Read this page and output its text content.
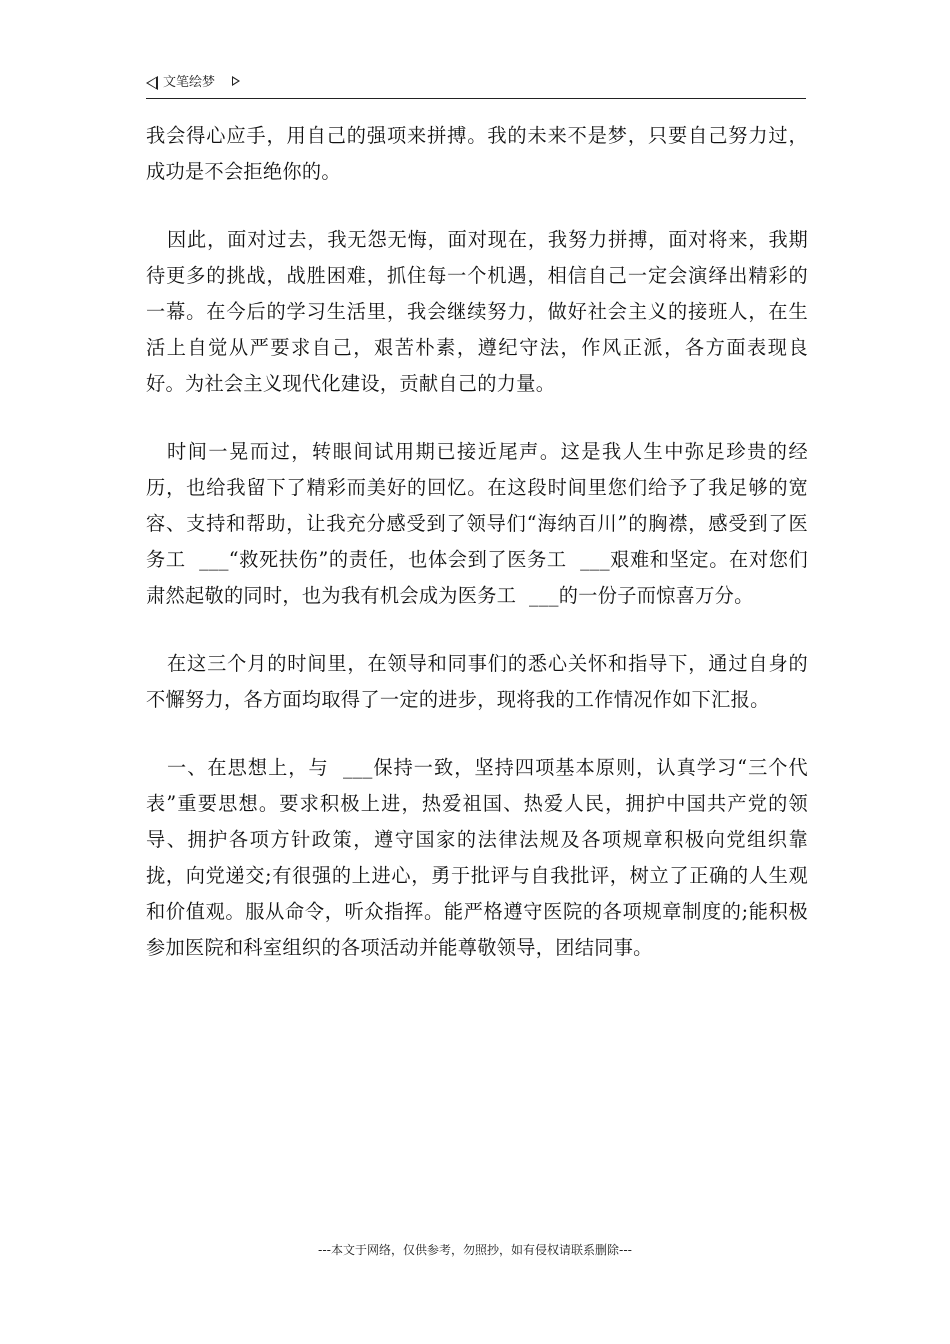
文笔绘梦

我会得心应手，用自己的强项来拼搏。我的未来不是梦，只要自己努力过，成功是不会拒绝你的。

因此，面对过去，我无怨无悔，面对现在，我努力拼搏，面对将来，我期待更多的挑战，战胜困难，抓住每一个机遇，相信自己一定会演绎出精彩的一幕。在今后的学习生活里，我会继续努力，做好社会主义的接班人，在生活上自觉从严要求自己，艰苦朴素，遵纪守法，作风正派，各方面表现良好。为社会主义现代化建设，贡献自己的力量。

时间一晃而过，转眼间试用期已接近尾声。这是我人生中弥足珍贵的经历，也给我留下了精彩而美好的回忆。在这段时间里您们给予了我足够的宽容、支持和帮助，让我充分感受到了领导们“海纳百川”的胸襟，感受到了医务工  ___“救死扶伤”的责任，也体会到了医务工  ___艰难和坚定。在对您们肃然起敬的同时，也为我有机会成为医务工  ___的一份子而惊喜万分。

在这三个月的时间里，在领导和同事们的悉心关怀和指导下，通过自身的不懈努力，各方面均取得了一定的进步，现将我的工作情况作如下汇报。

一、在思想上，与  ___保持一致，坚持四项基本原则，认真学习“三个代表”重要思想。要求积极上进，热爱祖国、热爱人民，拥护中国共产党的领导、拥护各项方针政策，遵守国家的法律法规及各项规章积极向党组织靠拢，向党递交;有很强的上进心，勇于批评与自我批评，树立了正确的人生观和价值观。服从命令，听众指挥。能严格遵守医院的各项规章制度的;能积极参加医院和科室组织的各项活动并能尊敬领导，团结同事。

---本文于网络，仅供参考，勿照抄，如有侵权请联系删除---
